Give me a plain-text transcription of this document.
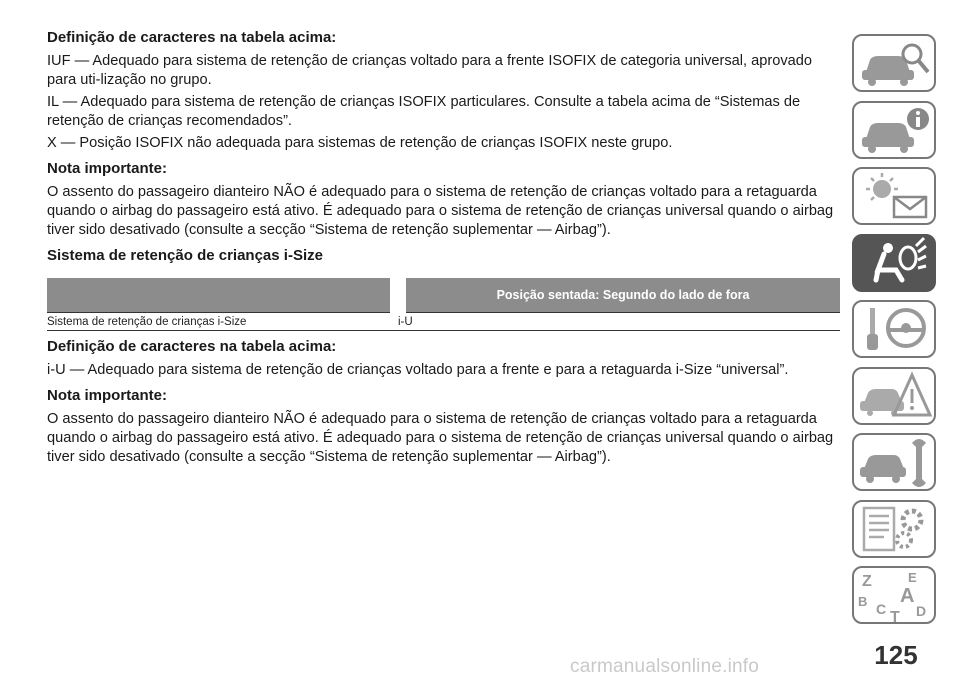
Definição de caracteres na tabela acima:
IUF — Adequado para sistema de retenção de crianças voltado para a frente ISOFIX de categoria universal, aprovado para uti-lização no grupo.
IL — Adequado para sistema de retenção de crianças ISOFIX particulares. Consulte a tabela acima de “Sistemas de retenção de crianças recomendados”.
X — Posição ISOFIX não adequada para sistemas de retenção de crianças ISOFIX neste grupo.
Nota importante:
O assento do passageiro dianteiro NÃO é adequado para o sistema de retenção de crianças voltado para a retaguarda quando o airbag do passageiro está ativo. É adequado para o sistema de retenção de crianças universal quando o airbag tiver sido desativado (consulte a secção “Sistema de retenção suplementar — Airbag”).
Sistema de retenção de crianças i-Size
	Posição sentada: Segundo do lado de fora
Sistema de retenção de crianças i-Size	i-U
Definição de caracteres na tabela acima:
i-U — Adequado para sistema de retenção de crianças voltado para a frente e para a retaguarda i-Size “universal”.
Nota importante:
O assento do passageiro dianteiro NÃO é adequado para o sistema de retenção de crianças voltado para a retaguarda quando o airbag do passageiro está ativo. É adequado para o sistema de retenção de crianças universal quando o airbag tiver sido desativado (consulte a secção “Sistema de retenção suplementar — Airbag”).
Z	E
A
B C D
T
125
carmanualsonline.info
